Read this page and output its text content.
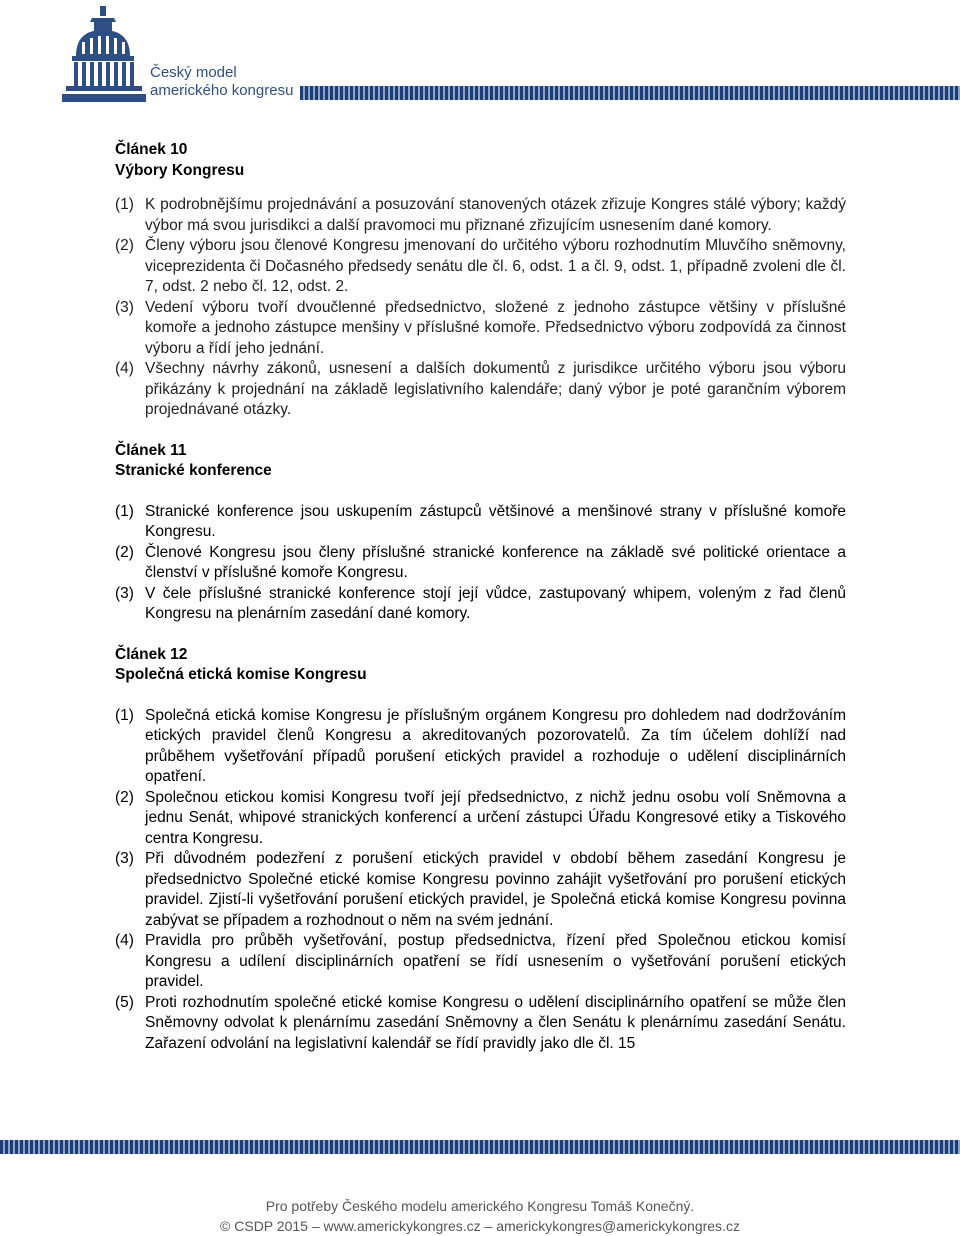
Český model
amerického kongresu

Článek 10

Výbory Kongresu

(1) K podrobnějšímu projednávání a posuzování stanovených otázek zřizuje Kongres stálé výbory; každý výbor má svou jurisdikci a další pravomoci mu přiznané zřizujícím usnesením dané komory.
(2) Členy výboru jsou členové Kongresu jmenovaní do určitého výboru rozhodnutím Mluvčího sněmovny, viceprezidenta či Dočasného předsedy senátu dle čl. 6, odst. 1 a čl. 9, odst. 1, případně zvoleni dle čl. 7, odst. 2 nebo čl. 12, odst. 2.
(3) Vedení výboru tvoří dvoučlenné předsednictvo, složené z jednoho zástupce většiny v příslušné komoře a jednoho zástupce menšiny v příslušné komoře. Předsednictvo výboru zodpovídá za činnost výboru a řídí jeho jednání.
(4) Všechny návrhy zákonů, usnesení a dalších dokumentů z jurisdikce určitého výboru jsou výboru přikázány k projednání na základě legislativního kalendáře; daný výbor je poté garančním výborem projednávané otázky.

Článek 11

Stranické konference

(1) Stranické konference jsou uskupením zástupců většinové a menšinové strany v příslušné komoře Kongresu.
(2) Členové Kongresu jsou členy příslušné stranické konference na základě své politické orientace a členství v příslušné komoře Kongresu.
(3) V čele příslušné stranické konference stojí její vůdce, zastupovaný whipem, voleným z řad členů Kongresu na plenárním zasedání dané komory.

Článek 12

Společná etická komise Kongresu

(1) Společná etická komise Kongresu je příslušným orgánem Kongresu pro dohledem nad dodržováním etických pravidel členů Kongresu a akreditovaných pozorovatelů. Za tím účelem dohlíží nad průběhem vyšetřování případů porušení etických pravidel a rozhoduje o udělení disciplinárních opatření.
(2) Společnou etickou komisi Kongresu tvoří její předsednictvo, z nichž jednu osobu volí Sněmovna a jednu Senát, whipové stranických konferencí a určení zástupci Úřadu Kongresové etiky a Tiskového centra Kongresu.
(3) Při důvodném podezření z porušení etických pravidel v období během zasedání Kongresu je předsednictvo Společné etické komise Kongresu povinno zahájit vyšetřování pro porušení etických pravidel. Zjistí-li vyšetřování porušení etických pravidel, je Společná etická komise Kongresu povinna zabývat se případem a rozhodnout o něm na svém jednání.
(4) Pravidla pro průběh vyšetřování, postup předsednictva, řízení před Společnou etickou komisí Kongresu a udílení disciplinárních opatření se řídí usnesením o vyšetřování porušení etických pravidel.
(5) Proti rozhodnutím společné etické komise Kongresu o udělení disciplinárního opatření se může člen Sněmovny odvolat k plenárnímu zasedání Sněmovny a člen Senátu k plenárnímu zasedání Senátu. Zařazení odvolání na legislativní kalendář se řídí pravidly jako dle čl. 15
Pro potřeby Českého modelu amerického Kongresu Tomáš Konečný.
© CSDP 2015 – www.americkykongres.cz – americkykongres@americkykongres.cz
